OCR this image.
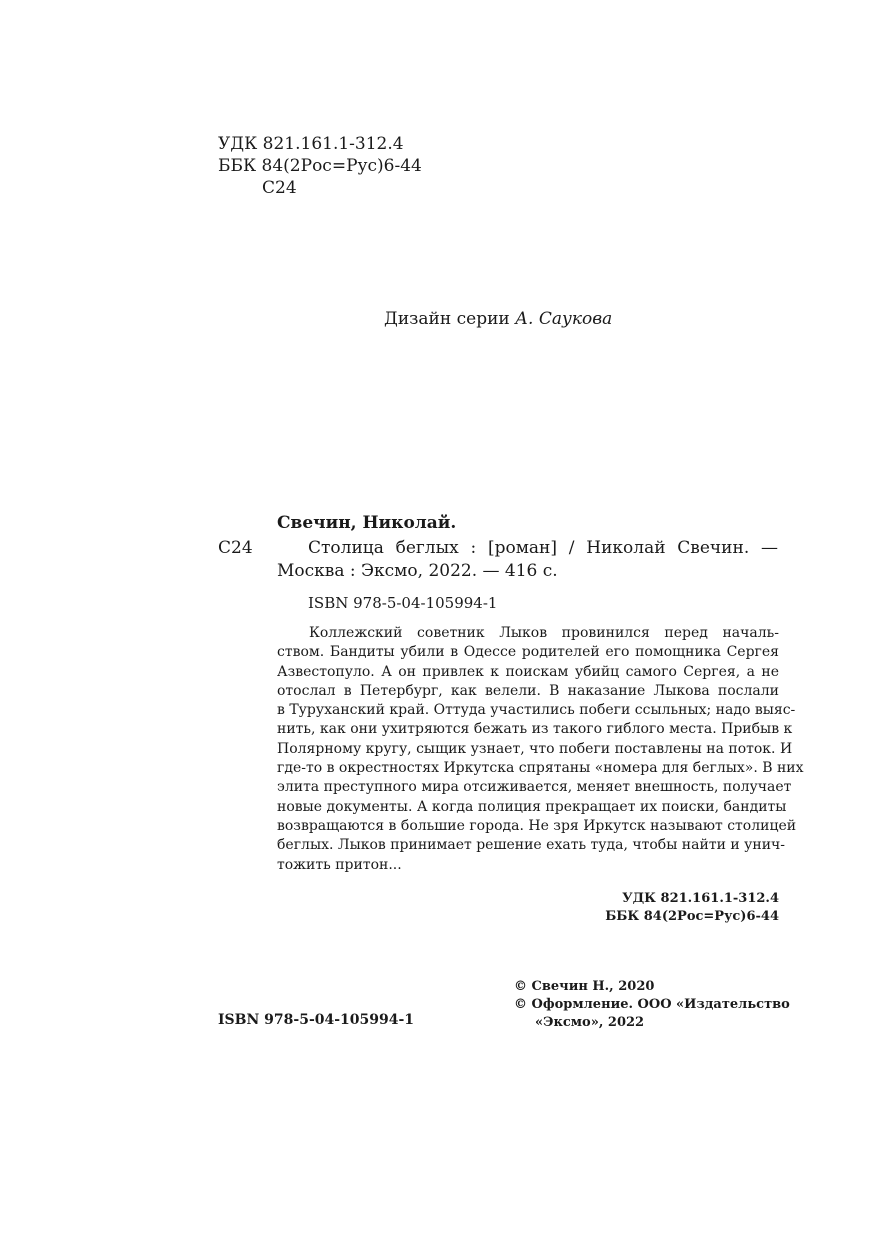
УДК 821.161.1-312.4
ББК 84(2Рос=Рус)6-44
С24
Дизайн серии А. Саукова
Свечин, Николай.
С24	Столица беглых : [роман] / Николай Свечин. —
Москва : Эксмо, 2022. — 416 с.
ISBN 978-5-04-105994-1
Коллежский советник Лыков провинился перед началь-
ством. Бандиты убили в Одессе родителей его помощника Сергея
Азвестопуло. А он привлек к поискам убийц самого Сергея, а не
отослал в Петербург, как велели. В наказание Лыкова послали
в Туруханский край. Оттуда участились побеги ссыльных; надо выяс-
нить, как они ухитряются бежать из такого гиблого места. Прибыв к
Полярному кругу, сыщик узнает, что побеги поставлены на поток. И
где-то в окрестностях Иркутска спрятаны «номера для беглых». В них
элита преступного мира отсиживается, меняет внешность, получает
новые документы. А когда полиция прекращает их поиски, бандиты
возвращаются в большие города. Не зря Иркутск называют столицей
беглых. Лыков принимает решение ехать туда, чтобы найти и унич-
тожить притон...
УДК 821.161.1-312.4
ББК 84(2Рос=Рус)6-44
© Свечин Н., 2020
© Оформление. ООО «Издательство
«Эксмо», 2022
ISBN 978-5-04-105994-1
